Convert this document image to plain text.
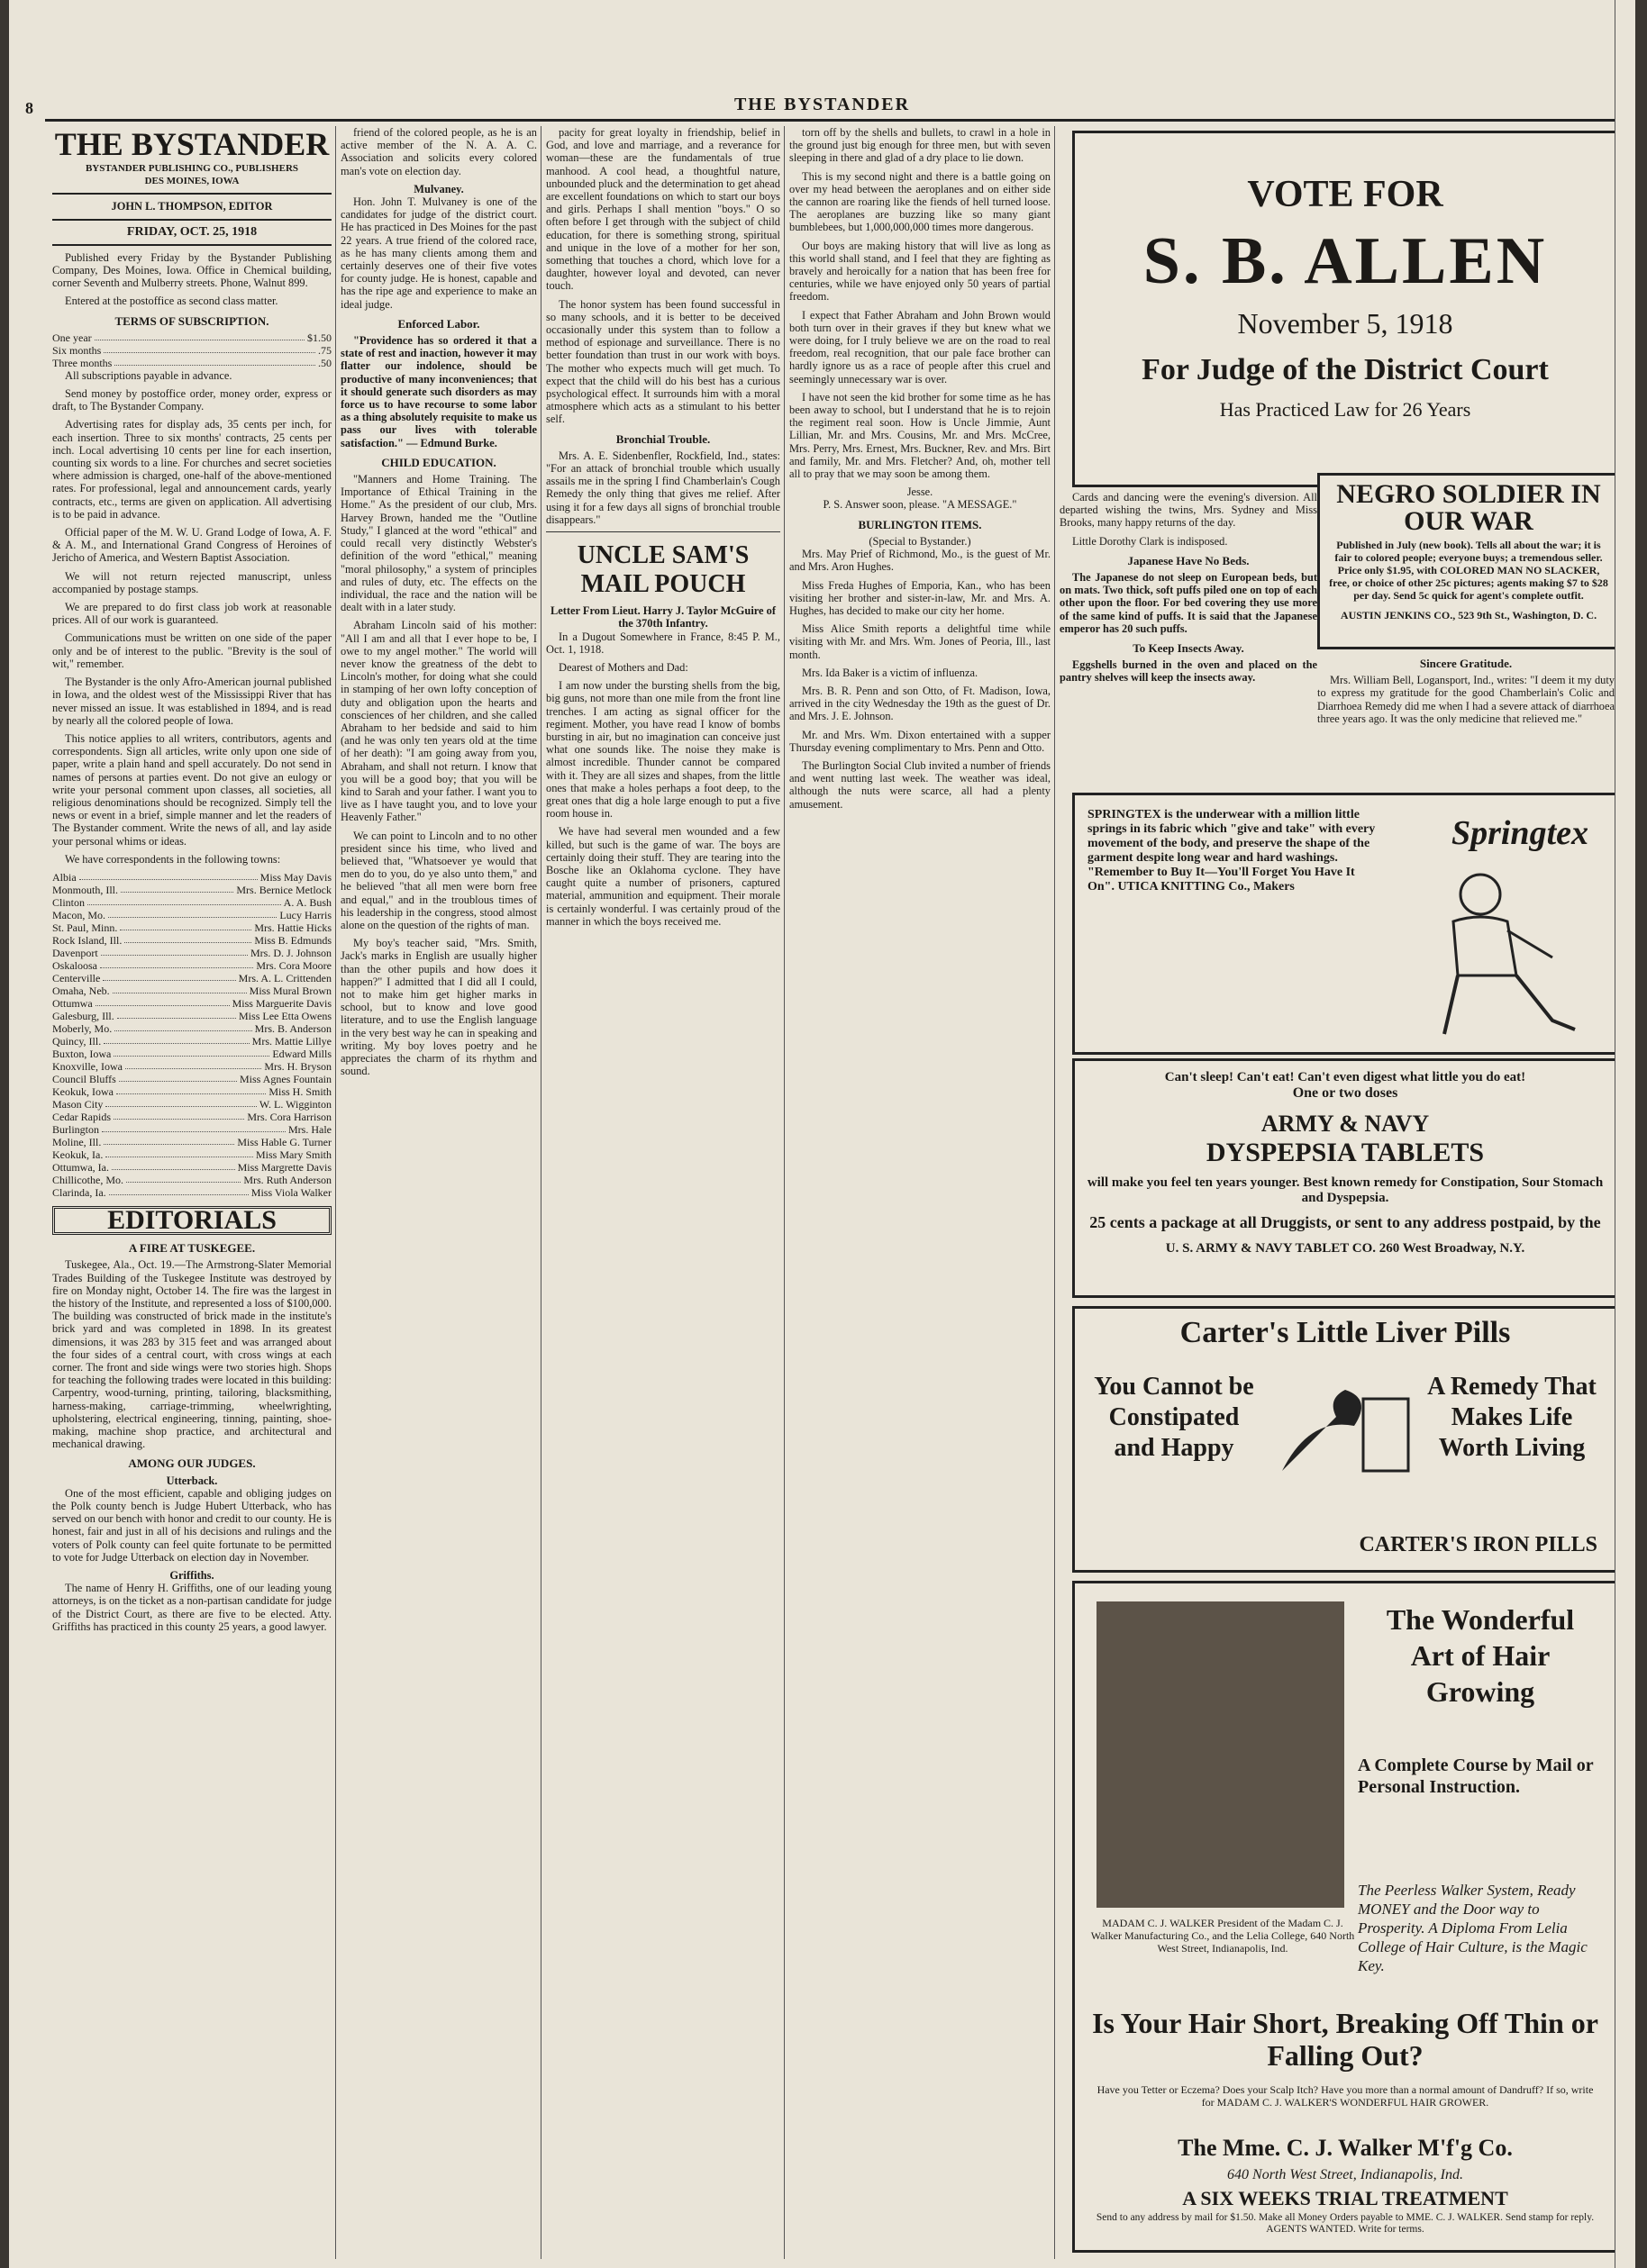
8	THE BYSTANDER
THE BYSTANDER
BYSTANDER PUBLISHING CO., PUBLISHERS
DES MOINES, IOWA
JOHN L. THOMPSON, EDITOR
FRIDAY, OCT. 25, 1918

Published every Friday by the Bystander Publishing Company, Des Moines, Iowa. Office in Chemical building, corner Seventh and Mulberry streets. Phone, Walnut 899.

Entered at the postoffice as second class matter.

TERMS OF SUBSCRIPTION.
One year	$1.50
Six months	.75
Three months	.50

All subscriptions payable in advance.

Send money by postoffice order, money order, express or draft, to The Bystander Company.

Advertising rates for display ads, 35 cents per inch, for each insertion. Three to six months' contracts, 25 cents per inch. Local advertising 10 cents per line for each insertion, counting six words to a line. For churches and secret societies where admission is charged, one-half of the above-mentioned rates. For professional, legal and announcement cards, yearly contracts, etc., terms are given on application. All advertising is to be paid in advance.

Official paper of the M. W. U. Grand Lodge of Iowa, A. F. & A. M., and International Grand Congress of Heroines of Jericho of America, and Western Baptist Association.

We will not return rejected manuscript, unless accompanied by postage stamps.

We are prepared to do first class job work at reasonable prices. All of our work is guaranteed.

Communications must be written on one side of the paper only and be of interest to the public. "Brevity is the soul of wit," remember.

The Bystander is the only Afro-American journal published in Iowa, and the oldest west of the Mississippi River that has never missed an issue. It was established in 1894, and is read by nearly all the colored people of Iowa.

This notice applies to all writers, contributors, agents and correspondents. Sign all articles, write only upon one side of paper, write a plain hand and spell accurately. Do not send in names of persons at parties event. Do not give an eulogy or write your personal comment upon classes, all societies, all religious denominations should be recognized. Simply tell the news or event in a brief, simple manner and let the readers of The Bystander comment. Write the news of all, and lay aside your personal whims or ideas.

We have correspondents in the following towns:

Albia	Miss May Davis
Monmouth, Ill.	Mrs. Bernice Metlock
Clinton	A. A. Bush
Macon, Mo.	Lucy Harris
St. Paul, Minn.	Mrs. Hattie Hicks
Rock Island, Ill.	Miss B. Edmunds
Davenport	Mrs. D. J. Johnson
Oskaloosa	Mrs. Cora Moore
Centerville	Mrs. A. L. Crittenden
Omaha, Neb.	Miss Mural Brown
Ottumwa	Miss Marguerite Davis
Galesburg, Ill.	Miss Lee Etta Owens
Moberly, Mo.	Mrs. B. Anderson
Quincy, Ill.	Mrs. Mattie Lillye
Buxton, Iowa	Edward Mills
Knoxville, Iowa	Mrs. H. Bryson
Council Bluffs	Miss Agnes Fountain
Keokuk, Iowa	Miss H. Smith
Mason City	W. L. Wigginton
Cedar Rapids	Mrs. Cora Harrison
Burlington	Mrs. Hale
Moline, Ill.	Miss Hable G. Turner
Keokuk, Ia.	Miss Mary Smith
Ottumwa, Ia.	Miss Margrette Davis
Chillicothe, Mo.	Mrs. Ruth Anderson
Clarinda, Ia.	Miss Viola Walker
EDITORIALS
A FIRE AT TUSKEGEE.

Tuskegee, Ala., Oct. 19.—The Armstrong-Slater Memorial Trades Building of the Tuskegee Institute was destroyed by fire on Monday night, October 14. The fire was the largest in the history of the Institute, and represented a loss of $100,000. The building was constructed of brick made in the institute's brick yard and was completed in 1898. In its greatest dimensions, it was 283 by 315 feet and was arranged about the four sides of a central court, with cross wings at each corner. The front and side wings were two stories high. Shops for teaching the following trades were located in this building: Carpentry, wood-turning, printing, tailoring, blacksmithing, harness-making, carriage-trimming, wheelwrighting, upholstering, electrical engineering, tinning, painting, shoe-making, machine shop practice, and architectural and mechanical drawing.

AMONG OUR JUDGES.
Utterback.

One of the most efficient, capable and obliging judges on the Polk county bench is Judge Hubert Utterback, who has served on our bench with honor and credit to our county. He is honest, fair and just in all of his decisions and rulings and the voters of Polk county can feel quite fortunate to be permitted to vote for Judge Utterback on election day in November.

Griffiths.

The name of Henry H. Griffiths, one of our leading young attorneys, is on the ticket as a non-partisan candidate for judge of the District Court, as there are five to be elected. Atty. Griffiths has practiced in this county 25 years, a good lawyer.

friend of the colored people, as he is an active member of the N. A. A. C. Association and solicits every colored man's vote on election day.

Mulvaney.

Hon. John T. Mulvaney is one of the candidates for judge of the district court. He has practiced in Des Moines for the past 22 years. A true friend of the colored race, as he has many clients among them and certainly deserves one of their five votes for county judge. He is honest, capable and has the ripe age and experience to make an ideal judge.

Enforced Labor.

"Providence has so ordered it that a state of rest and inaction, however it may flatter our indolence, should be productive of many inconveniences; that it should generate such disorders as may force us to have recourse to some labor as a thing absolutely requisite to make us pass our lives with tolerable satisfaction." — Edmund Burke.

CHILD EDUCATION.

"Manners and Home Training. The Importance of Ethical Training in the Home." As the president of our club, Mrs. Harvey Brown, handed me the "Outline Study," I glanced at the word "ethical" and could recall very distinctly Webster's definition of the word "ethical," meaning "moral philosophy," a system of principles and rules of duty, etc. The effects on the individual, the race and the nation will be dealt with in a later study.

Abraham Lincoln said of his mother: "All I am and all that I ever hope to be, I owe to my angel mother." The world will never know the greatness of the debt to Lincoln's mother, for doing what she could in stamping of her own lofty conception of duty and obligation upon the hearts and consciences of her children, and she called Abraham to her bedside and said to him (and he was only ten years old at the time of her death): "I am going away from you, Abraham, and shall not return. I know that you will be a good boy; that you will be kind to Sarah and your father. I want you to live as I have taught you, and to love your Heavenly Father."

We can point to Lincoln and to no other president since his time, who lived and believed that, "Whatsoever ye would that men do to you, do ye also unto them," and he believed "that all men were born free and equal," and in the troublous times of his leadership in the congress, stood almost alone on the question of the rights of man.

My boy's teacher said, "Mrs. Smith, Jack's marks in English are usually higher than the other pupils and how does it happen?" I admitted that I did all I could, not to make him get higher marks in school, but to know and love good literature, and to use the English language in the very best way he can in speaking and writing. My boy loves poetry and he appreciates the charm of its rhythm and sound.

pacity for great loyalty in friendship, belief in God, and love and marriage, and a reverance for woman—these are the fundamentals of true manhood. A cool head, a thoughtful nature, unbounded pluck and the determination to get ahead are excellent foundations on which to start our boys and girls. Perhaps I shall mention "boys." O so often before I get through with the subject of child education, for there is something strong, spiritual and unique in the love of a mother for her son, something that touches a chord, which love for a daughter, however loyal and devoted, can never touch.

The honor system has been found successful in so many schools, and it is better to be deceived occasionally under this system than to follow a method of espionage and surveillance. There is no better foundation than trust in our work with boys. The mother who expects much will get much. To expect that the child will do his best has a curious psychological effect. It surrounds him with a moral atmosphere which acts as a stimulant to his better self.

Bronchial Trouble.

Mrs. A. E. Sidenbenfler, Rockfield, Ind., states: "For an attack of bronchial trouble which usually assails me in the spring I find Chamberlain's Cough Remedy the only thing that gives me relief. After using it for a few days all signs of bronchial trouble disappears."

UNCLE SAM'S MAIL POUCH
Letter From Lieut. Harry J. Taylor McGuire of the 370th Infantry.

In a Dugout Somewhere in France, 8:45 P. M., Oct. 1, 1918.

Dearest of Mothers and Dad:

I am now under the bursting shells from the big, big guns, not more than one mile from the front line trenches. I am acting as signal officer for the regiment. Mother, you have read I know of bombs bursting in air, but no imagination can conceive just what one sounds like. The noise they make is almost incredible. Thunder cannot be compared with it. They are all sizes and shapes, from the little ones that make a holes perhaps a foot deep, to the great ones that dig a hole large enough to put a five room house in.

We have had several men wounded and a few killed, but such is the game of war. The boys are certainly doing their stuff. They are tearing into the Bosche like an Oklahoma cyclone. They have caught quite a number of prisoners, captured material, ammunition and equipment. Their morale is certainly wonderful. I was certainly proud of the manner in which the boys received me.

torn off by the shells and bullets, to crawl in a hole in the ground just big enough for three men, but with seven sleeping in there and glad of a dry place to lie down.

This is my second night and there is a battle going on over my head between the aeroplanes and on either side the cannon are roaring like the fiends of hell turned loose. The aeroplanes are buzzing like so many giant bumblebees, but 1,000,000,000 times more dangerous.

Our boys are making history that will live as long as this world shall stand, and I feel that they are fighting as bravely and heroically for a nation that has been free for centuries, while we have enjoyed only 50 years of partial freedom.

I expect that Father Abraham and John Brown would both turn over in their graves if they but knew what we were doing, for I truly believe we are on the road to real freedom, real recognition, that our pale face brother can hardly ignore us as a race of people after this cruel and seemingly unnecessary war is over.

I have not seen the kid brother for some time as he has been away to school, but I understand that he is to rejoin the regiment real soon. How is Uncle Jimmie, Aunt Lillian, Mr. and Mrs. Cousins, Mr. and Mrs. McCree, Mrs. Perry, Mrs. Ernest, Mrs. Buckner, Rev. and Mrs. Birt and family, Mr. and Mrs. Fletcher? And, oh, mother tell all to pray that we may soon be among them.

Jesse.
P. S. Answer soon, please. "A MESSAGE."
BURLINGTON ITEMS.
(Special to Bystander.)

Mrs. May Prief of Richmond, Mo., is the guest of Mr. and Mrs. Aron Hughes.

Miss Freda Hughes of Emporia, Kan., who has been visiting her brother and sister-in-law, Mr. and Mrs. A. Hughes, has decided to make our city her home.

Miss Alice Smith reports a delightful time while visiting with Mr. and Mrs. Wm. Jones of Peoria, Ill., last month.

Mrs. Ida Baker is a victim of influenza.

Mrs. B. R. Penn and son Otto, of Ft. Madison, Iowa, arrived in the city Wednesday the 19th as the guest of Dr. and Mrs. J. E. Johnson.

Mr. and Mrs. Wm. Dixon entertained with a supper Thursday evening complimentary to Mrs. Penn and Otto.

The Burlington Social Club invited a number of friends and went nutting last week. The weather was ideal, although the nuts were scarce, all had a plenty amusement.

VOTE FOR
S. B. ALLEN
November 5, 1918
For Judge of the District Court
Has Practiced Law for 26 Years

Cards and dancing were the evening's diversion. All departed wishing the twins, Mrs. Sydney and Miss Brooks, many happy returns of the day.

Little Dorothy Clark is indisposed.

Japanese Have No Beds.

The Japanese do not sleep on European beds, but on mats. Two thick, soft puffs piled one on top of each other upon the floor. For bed covering they use more of the same kind of puffs. It is said that the Japanese emperor has 20 such puffs.

To Keep Insects Away.

Eggshells burned in the oven and placed on the pantry shelves will keep the insects away.

NEGRO SOLDIER IN OUR WAR
Published in July (new book). Tells all about the war; it is fair to colored people; everyone buys; a tremendous seller. Price only $1.95, with COLORED MAN NO SLACKER, free, or choice of other 25c pictures; agents making $7 to $28 per day. Send 5c quick for agent's complete outfit.
AUSTIN JENKINS CO., 523 9th St., Washington, D. C.
Sincere Gratitude.

Mrs. William Bell, Logansport, Ind., writes: "I deem it my duty to express my gratitude for the good Chamberlain's Colic and Diarrhoea Remedy did me when I had a severe attack of diarrhoea three years ago. It was the only medicine that relieved me."

SPRINGTEX is the underwear with a million little springs in its fabric which "give and take" with every movement of the body, and preserve the shape of the garment despite long wear and hard washings. "Remember to Buy It—You'll Forget You Have It On". UTICA KNITTING Co., Makers
Springtex
Can't sleep! Can't eat! Can't even digest what little you do eat!
One or two doses
ARMY & NAVY
DYSPEPSIA TABLETS
will make you feel ten years younger. Best known remedy for Constipation, Sour Stomach and Dyspepsia.
25 cents a package at all Druggists, or sent to any address postpaid, by the
U. S. ARMY & NAVY TABLET CO. 260 West Broadway, N.Y.
Carter's Little Liver Pills
You Cannot be Constipated and Happy
A Remedy That Makes Life Worth Living
CARTER'S IRON PILLS
The Wonderful Art of Hair Growing
A Complete Course by Mail or Personal Instruction.
The Peerless Walker System, Ready MONEY and the Door way to Prosperity. A Diploma From Lelia College of Hair Culture, is the Magic Key.
MADAM C. J. WALKER President of the Madam C. J. Walker Manufacturing Co., and the Lelia College, 640 North West Street, Indianapolis, Ind.
Is Your Hair Short, Breaking Off Thin or Falling Out?
Have you Tetter or Eczema? Does your Scalp Itch? Have you more than a normal amount of Dandruff? If so, write for MADAM C. J. WALKER'S WONDERFUL HAIR GROWER.
The Mme. C. J. Walker M'f'g Co.
640 North West Street, Indianapolis, Ind.
A SIX WEEKS TRIAL TREATMENT
Send to any address by mail for $1.50. Make all Money Orders payable to MME. C. J. WALKER. Send stamp for reply. AGENTS WANTED. Write for terms.
